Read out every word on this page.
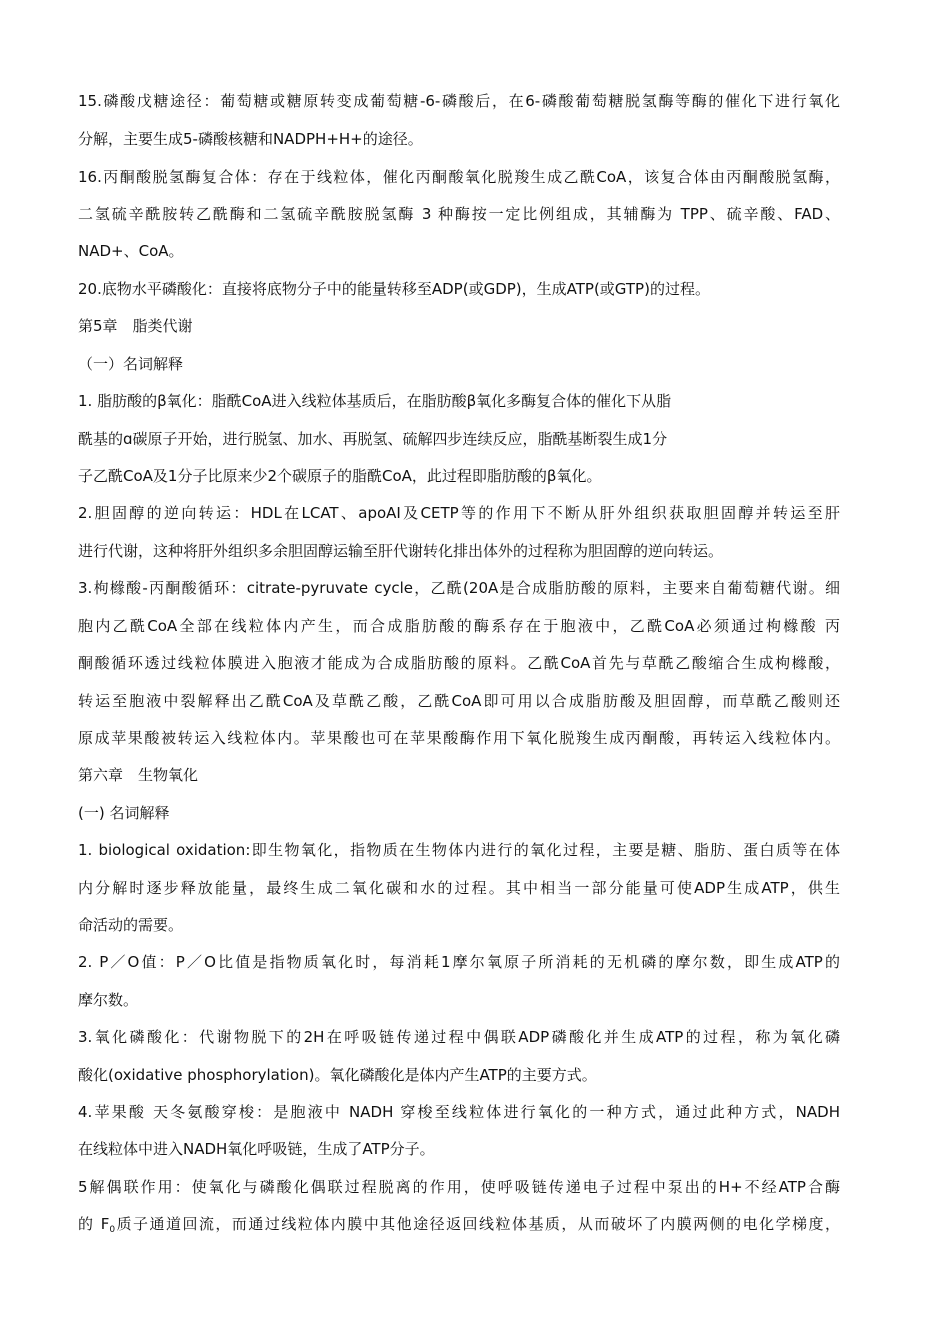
15.磷酸戊糖途径：葡萄糖或糖原转变成葡萄糖-6-磷酸后，在6-磷酸葡萄糖脱氢酶等酶的催化下进行氧化
分解，主要生成5-磷酸核糖和NADPH+H+的途径。
16.丙酮酸脱氢酶复合体：存在于线粒体，催化丙酮酸氧化脱羧生成乙酰CoA，该复合体由丙酮酸脱氢酶，
二氢硫辛酰胺转乙酰酶和二氢硫辛酰胺脱氢酶 3 种酶按一定比例组成，其辅酶为 TPP、硫辛酸、FAD、
NAD+、CoA。
20.底物水平磷酸化：直接将底物分子中的能量转移至ADP(或GDP)，生成ATP(或GTP)的过程。
第5章　脂类代谢
（一）名词解释
1. 脂肪酸的β氧化：脂酰CoA进入线粒体基质后，在脂肪酸β氧化多酶复合体的催化下从脂
酰基的ɑ碳原子开始，进行脱氢、加水、再脱氢、硫解四步连续反应，脂酰基断裂生成1分
子乙酰CoA及1分子比原来少2个碳原子的脂酰CoA，此过程即脂肪酸的β氧化。
2.胆固醇的逆向转运：HDL在LCAT、apoAI及CETP等的作用下不断从肝外组织获取胆固醇并转运至肝
进行代谢，这种将肝外组织多余胆固醇运输至肝代谢转化排出体外的过程称为胆固醇的逆向转运。
3.枸橼酸-丙酮酸循环：citrate-pyruvate cycle，乙酰(20A是合成脂肪酸的原料，主要来自葡萄糖代谢。细
胞内乙酰CoA全部在线粒体内产生，而合成脂肪酸的酶系存在于胞液中，乙酰CoA必须通过枸橼酸 丙
酮酸循环透过线粒体膜进入胞液才能成为合成脂肪酸的原料。乙酰CoA首先与草酰乙酸缩合生成枸橼酸，
转运至胞液中裂解释出乙酰CoA及草酰乙酸，乙酰CoA即可用以合成脂肪酸及胆固醇，而草酰乙酸则还
原成苹果酸被转运入线粒体内。苹果酸也可在苹果酸酶作用下氧化脱羧生成丙酮酸，再转运入线粒体内。
第六章　生物氧化
(一) 名词解释
1. biological oxidation:即生物氧化，指物质在生物体内进行的氧化过程，主要是糖、脂肪、蛋白质等在体
内分解时逐步释放能量，最终生成二氧化碳和水的过程。其中相当一部分能量可使ADP生成ATP，供生
命活动的需要。
2. P／O值：P／O比值是指物质氧化时，每消耗1摩尔氧原子所消耗的无机磷的摩尔数，即生成ATP的
摩尔数。
3.氧化磷酸化：代谢物脱下的2H在呼吸链传递过程中偶联ADP磷酸化并生成ATP的过程，称为氧化磷
酸化(oxidative phosphorylation)。氧化磷酸化是体内产生ATP的主要方式。
4.苹果酸 天冬氨酸穿梭：是胞液中 NADH 穿梭至线粒体进行氧化的一种方式，通过此种方式，NADH
在线粒体中进入NADH氧化呼吸链，生成了ATP分子。
5解偶联作用：使氧化与磷酸化偶联过程脱离的作用，使呼吸链传递电子过程中泵出的H+不经ATP合酶
的 $F_0$质子通道回流，而通过线粒体内膜中其他途径返回线粒体基质，从而破坏了内膜两侧的电化学梯度，
